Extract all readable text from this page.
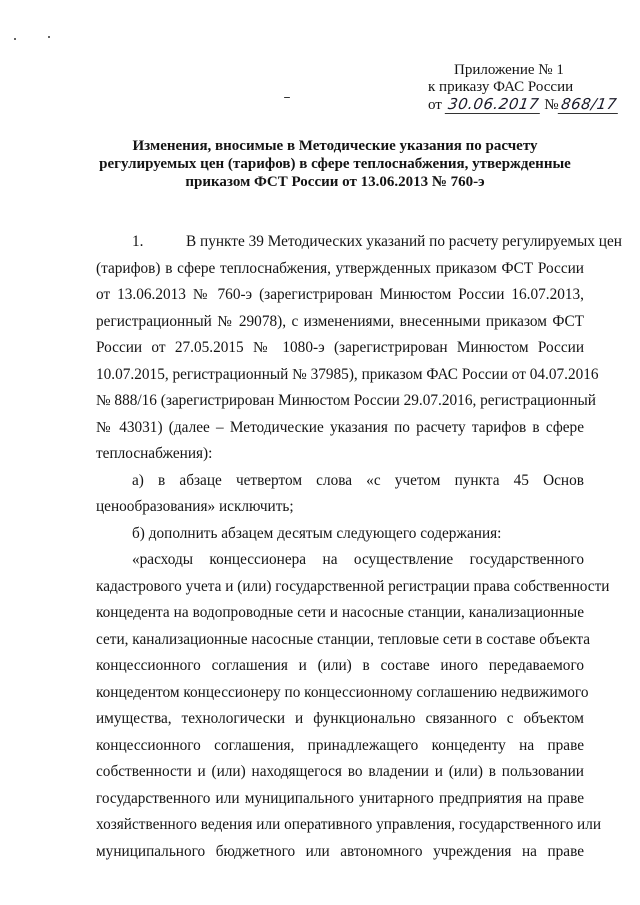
Приложение № 1
к приказу ФАС России
от 30.06.2017 №868/17
Изменения, вносимые в Методические указания по расчету
регулируемых цен (тарифов) в сфере теплоснабжения, утвержденные
приказом ФСТ России от 13.06.2013 № 760-э
1.	В пункте 39 Методических указаний по расчету регулируемых цен
(тарифов) в сфере теплоснабжения, утвержденных приказом ФСТ России
от 13.06.2013 № 760-э (зарегистрирован Минюстом России 16.07.2013,
регистрационный № 29078), с изменениями, внесенными приказом ФСТ
России от 27.05.2015 № 1080-э (зарегистрирован Минюстом России
10.07.2015, регистрационный № 37985), приказом ФАС России от 04.07.2016
№ 888/16 (зарегистрирован Минюстом России 29.07.2016, регистрационный
№ 43031) (далее – Методические указания по расчету тарифов в сфере
теплоснабжения):
а) в абзаце четвертом слова «с учетом пункта 45 Основ
ценообразования» исключить;
б) дополнить абзацем десятым следующего содержания:
«расходы концессионера на осуществление государственного
кадастрового учета и (или) государственной регистрации права собственности
концедента на водопроводные сети и насосные станции, канализационные
сети, канализационные насосные станции, тепловые сети в составе объекта
концессионного соглашения и (или) в составе иного передаваемого
концедентом концессионеру по концессионному соглашению недвижимого
имущества, технологически и функционально связанного с объектом
концессионного соглашения, принадлежащего концеденту на праве
собственности и (или) находящегося во владении и (или) в пользовании
государственного или муниципального унитарного предприятия на праве
хозяйственного ведения или оперативного управления, государственного или
муниципального бюджетного или автономного учреждения на праве
